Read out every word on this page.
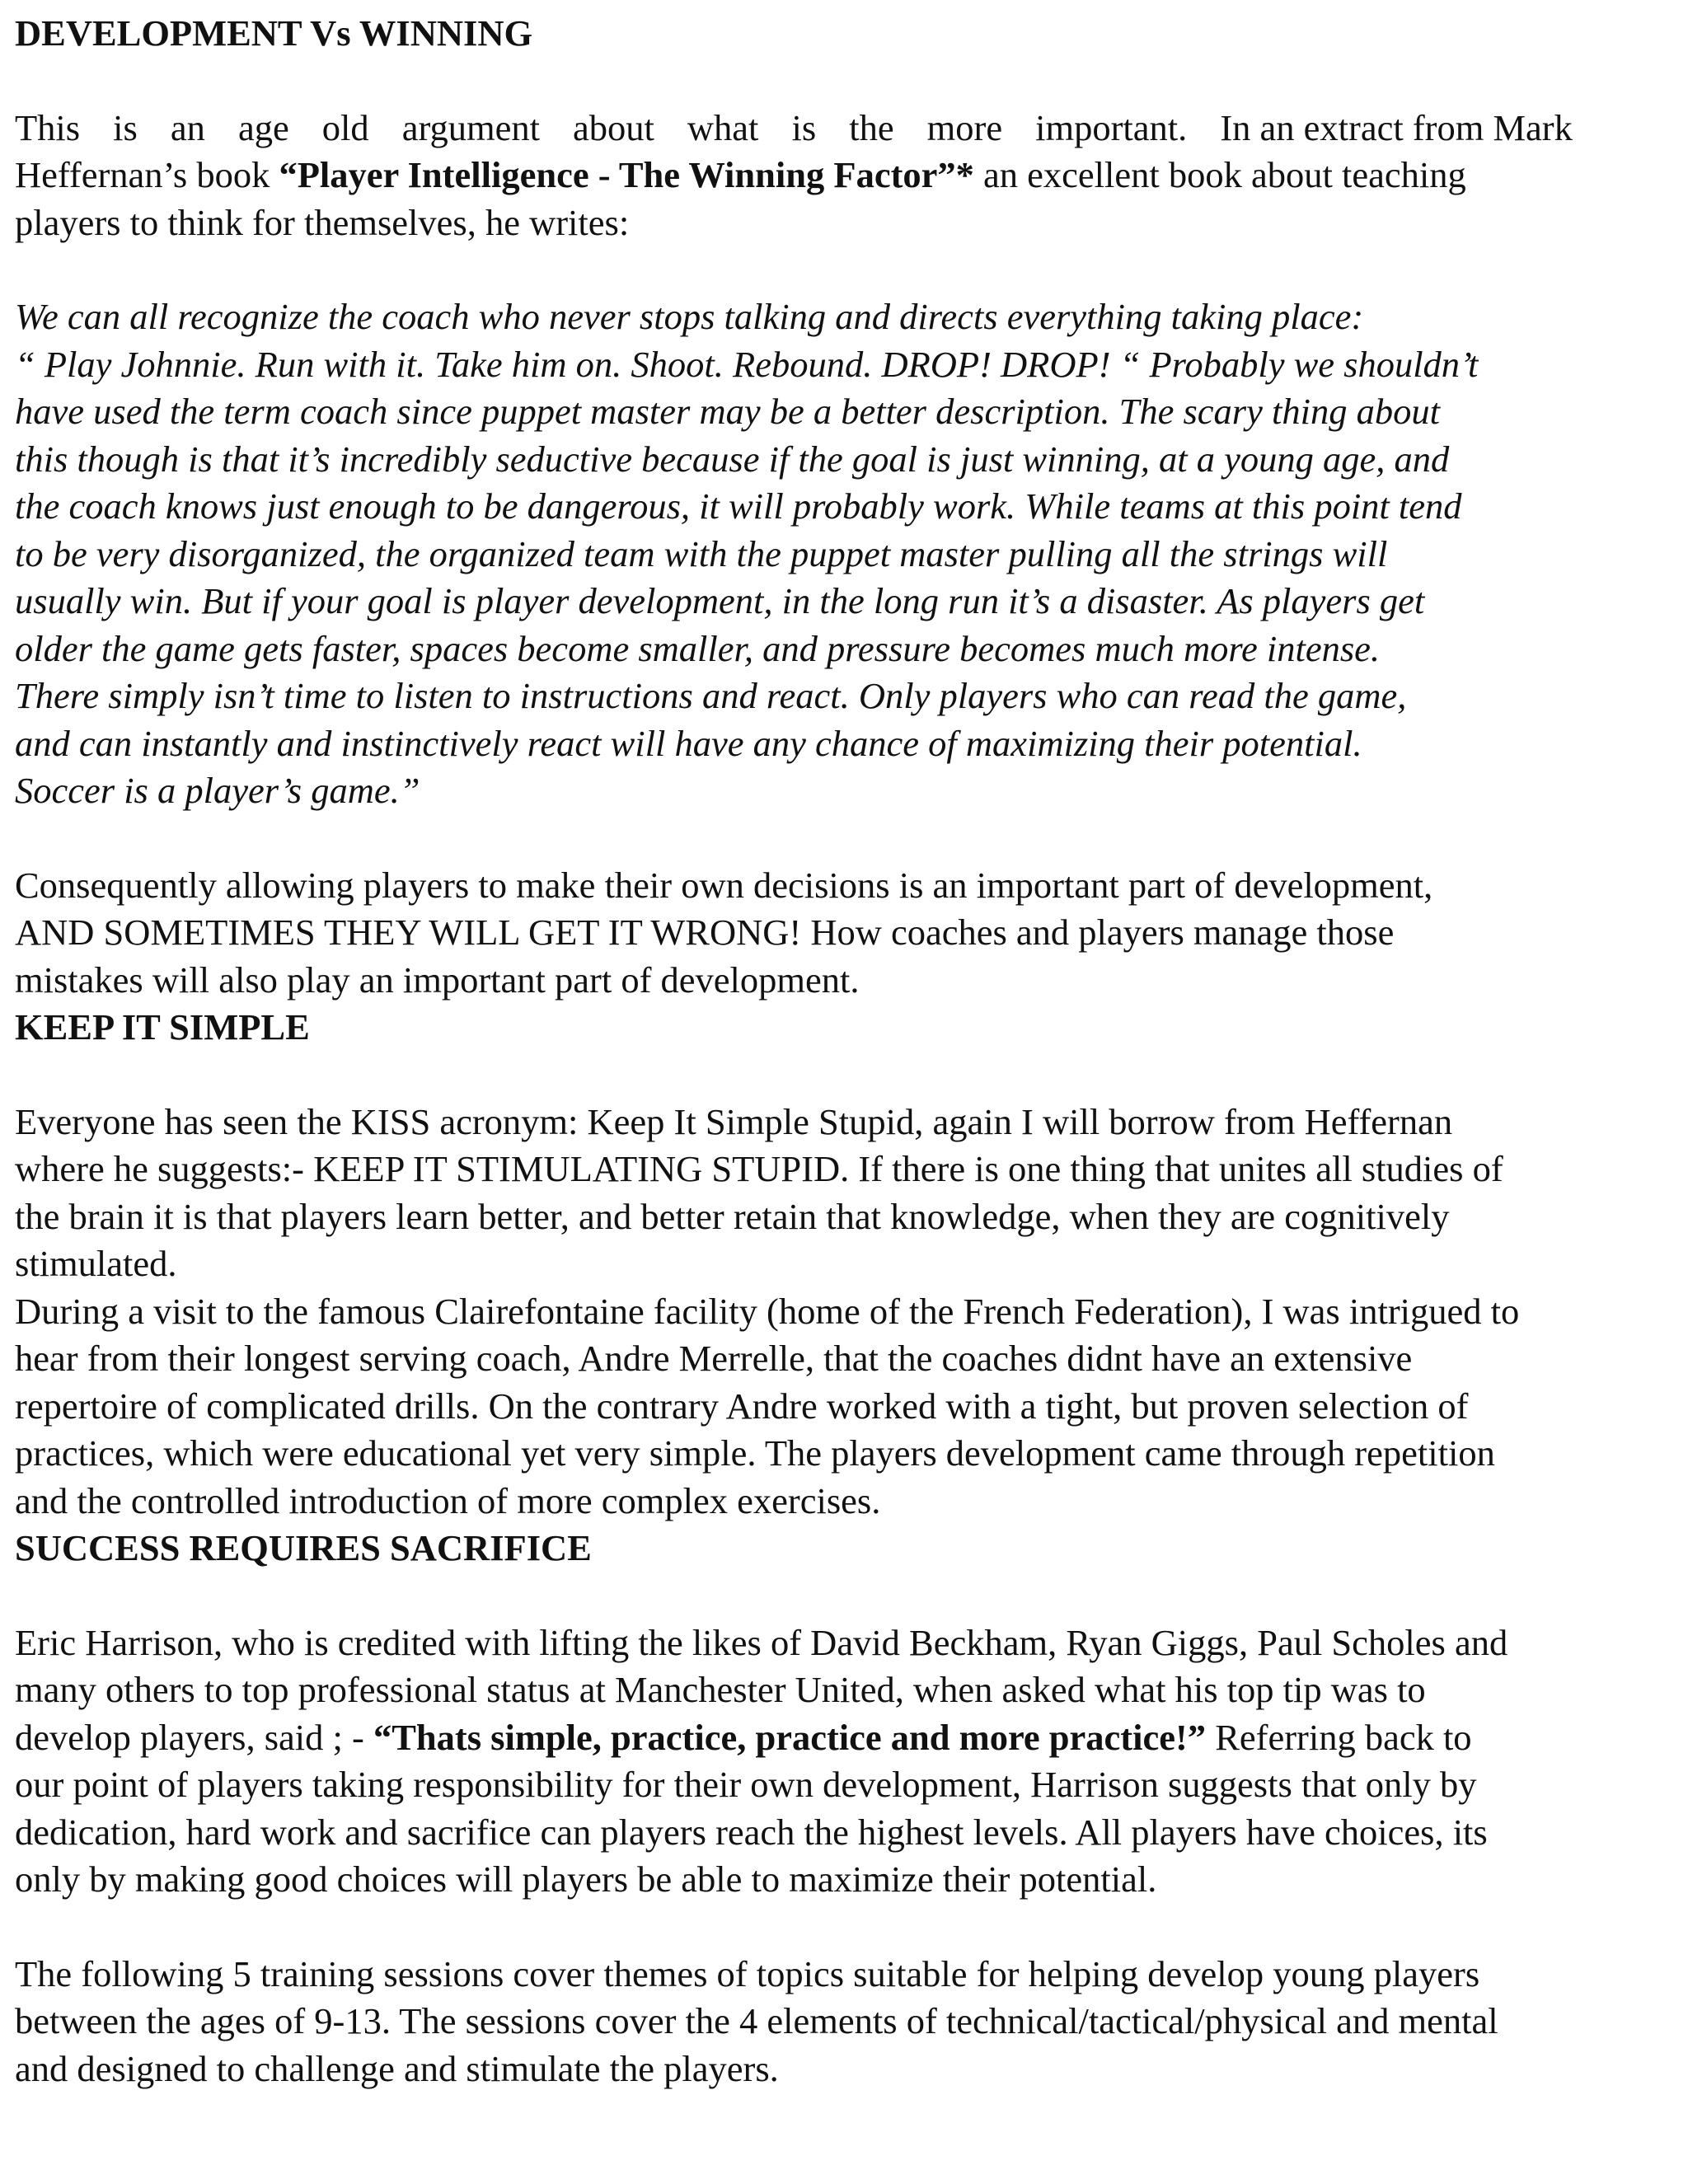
DEVELOPMENT Vs WINNING

This is an age old argument about what is the more important. In an extract from Mark
Heffernan’s book “Player Intelligence - The Winning Factor”* an excellent book about teaching
players to think for themselves, he writes:

We can all recognize the coach who never stops talking and directs everything taking place:
“ Play Johnnie. Run with it. Take him on. Shoot. Rebound. DROP! DROP! “ Probably we shouldn’t
have used the term coach since puppet master may be a better description. The scary thing about
this though is that it’s incredibly seductive because if the goal is just winning, at a young age, and
the coach knows just enough to be dangerous, it will probably work. While teams at this point tend
to be very disorganized, the organized team with the puppet master pulling all the strings will
usually win. But if your goal is player development, in the long run it’s a disaster. As players get
older the game gets faster, spaces become smaller, and pressure becomes much more intense.
There simply isn’t time to listen to instructions and react. Only players who can read the game,
and can instantly and instinctively react will have any chance of maximizing their potential.
Soccer is a player’s game.”

Consequently allowing players to make their own decisions is an important part of development,
AND SOMETIMES THEY WILL GET IT WRONG! How coaches and players manage those
mistakes will also play an important part of development.

KEEP IT SIMPLE

Everyone has seen the KISS acronym: Keep It Simple Stupid, again I will borrow from Heffernan
where he suggests:- KEEP IT STIMULATING STUPID. If there is one thing that unites all studies of
the brain it is that players learn better, and better retain that knowledge, when they are cognitively
stimulated.

During a visit to the famous Clairefontaine facility (home of the French Federation), I was intrigued to
hear from their longest serving coach, Andre Merrelle, that the coaches didnt have an extensive
repertoire of complicated drills. On the contrary Andre worked with a tight, but proven selection of
practices, which were educational yet very simple. The players development came through repetition
and the controlled introduction of more complex exercises.

SUCCESS REQUIRES SACRIFICE

Eric Harrison, who is credited with lifting the likes of David Beckham, Ryan Giggs, Paul Scholes and
many others to top professional status at Manchester United, when asked what his top tip was to
develop players, said ; - “Thats simple, practice, practice and more practice!” Referring back to
our point of players taking responsibility for their own development, Harrison suggests that only by
dedication, hard work and sacrifice can players reach the highest levels. All players have choices, its
only by making good choices will players be able to maximize their potential.

The following 5 training sessions cover themes of topics suitable for helping develop young players
between the ages of 9-13. The sessions cover the 4 elements of technical/tactical/physical and mental
and designed to challenge and stimulate the players.
